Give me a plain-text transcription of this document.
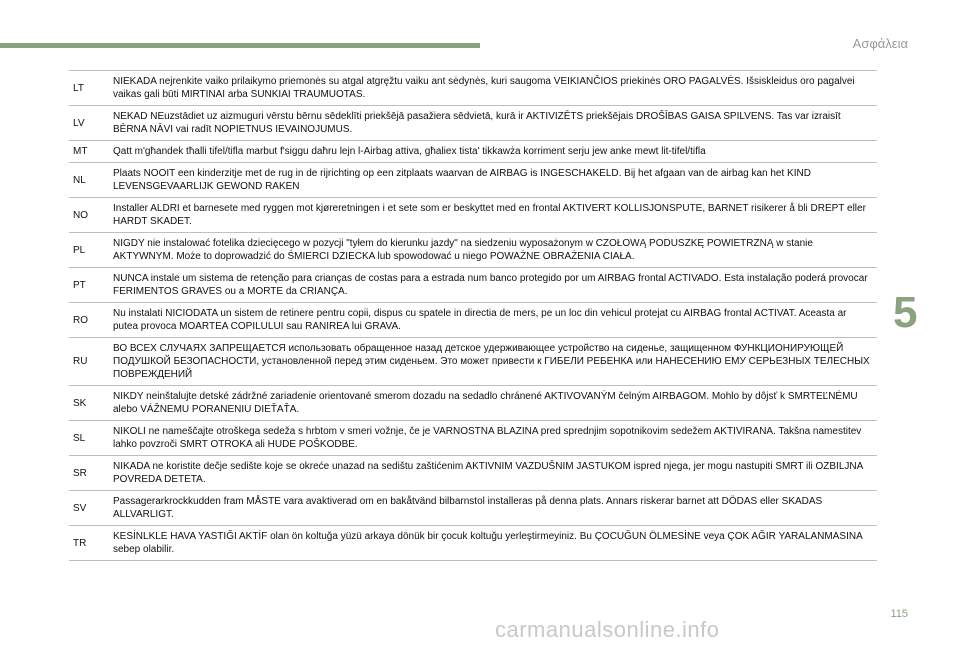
Ασφάλεια
LT	NIEKADA nejrenkite vaiko prilaikymo priemonės su atgal atgręžtu vaiku ant sėdynės, kuri saugoma VEIKIANČIOS priekinės ORO PAGALVĖS. Išsiskleidus oro pagalvei vaikas gali būti MIRTINAI arba SUNKIAI TRAUMUOTAS.
LV	NEKAD NEuzstādiet uz aizmuguri vērstu bērnu sēdeklīti priekšējā pasažiera sēdvietā, kurā ir AKTIVIZĒTS priekšējais DROŠĪBAS GAISA SPILVENS. Tas var izraisīt BĒRNA NĀVI vai radīt NOPIETNUS IEVAINOJUMUS.
MT	Qatt m'għandek tħalli tifel/tifla marbut f'siggu daħru lejn l-Airbag attiva, għaliex tista' tikkawża korriment serju jew anke mewt lit-tifel/tifla
NL	Plaats NOOIT een kinderzitje met de rug in de rijrichting op een zitplaats waarvan de AIRBAG is INGESCHAKELD. Bij het afgaan van de airbag kan het KIND LEVENSGEVAARLIJK GEWOND RAKEN
NO	Installer ALDRI et barnesete med ryggen mot kjøreretningen i et sete som er beskyttet med en frontal AKTIVERT KOLLISJONSPUTE, BARNET risikerer å bli DREPT eller HARDT SKADET.
PL	NIGDY nie instalować fotelika dziecięcego w pozycji "tyłem do kierunku jazdy" na siedzeniu wyposażonym w CZOŁOWĄ PODUSZKĘ POWIETRZNĄ w stanie AKTYWNYM. Może to doprowadzić do ŚMIERCI DZIECKA lub spowodować u niego POWAŻNE OBRAŻENIA CIAŁA.
PT	NUNCA instale um sistema de retenção para crianças de costas para a estrada num banco protegido por um AIRBAG frontal ACTIVADO. Esta instalação poderá provocar FERIMENTOS GRAVES ou a MORTE da CRIANÇA.
RO	Nu instalati NICIODATA un sistem de retinere pentru copii, dispus cu spatele in directia de mers, pe un loc din vehicul protejat cu AIRBAG frontal ACTIVAT. Aceasta ar putea provoca MOARTEA COPILULUI sau RANIREA lui GRAVA.
RU	ВО ВСЕХ СЛУЧАЯХ ЗАПРЕЩАЕТСЯ использовать обращенное назад детское удерживающее устройство на сиденье, защищенном ФУНКЦИОНИРУЮЩЕЙ ПОДУШКОЙ БЕЗОПАСНОСТИ, установленной перед этим сиденьем. Это может привести к ГИБЕЛИ РЕБЕНКА или НАНЕСЕНИЮ ЕМУ СЕРЬЕЗНЫХ ТЕЛЕСНЫХ ПОВРЕЖДЕНИЙ
SK	NIKDY neinštalujte detské zádržné zariadenie orientované smerom dozadu na sedadlo chránené AKTIVOVANÝM čelným AIRBAGOM. Mohlo by dôjsť k SMRTEĽNÉMU alebo VÁŽNEMU PORANENIU DIEŤAŤA.
SL	NIKOLI ne nameščajte otroškega sedeža s hrbtom v smeri vožnje, če je VARNOSTNA BLAZINA pred sprednjim sopotnikovim sedežem AKTIVIRANA. Takšna namestitev lahko povzroči SMRT OTROKA ali HUDE POŠKODBE.
SR	NIKADA ne koristite dečje sedište koje se okreće unazad na sedištu zaštićenim AKTIVNIM VAZDUŠNIM JASTUKOM ispred njega, jer mogu nastupiti SMRT ili OZBILJNA POVREDA DETETA.
SV	Passagerarkrockkudden fram MÅSTE vara avaktiverad om en bakåtvänd bilbarnstol installeras på denna plats. Annars riskerar barnet att DÖDAS eller SKADAS ALLVARLIGT.
TR	KESİNLKLE HAVA YASTIĞI AKTİF olan ön koltuğa yüzü arkaya dönük bir çocuk koltuğu yerleştirmeyiniz. Bu ÇOCUĞUN ÖLMESİNE veya ÇOK AĞIR YARALANMASINA sebep olabilir.
5
115
carmanualsonline.info
